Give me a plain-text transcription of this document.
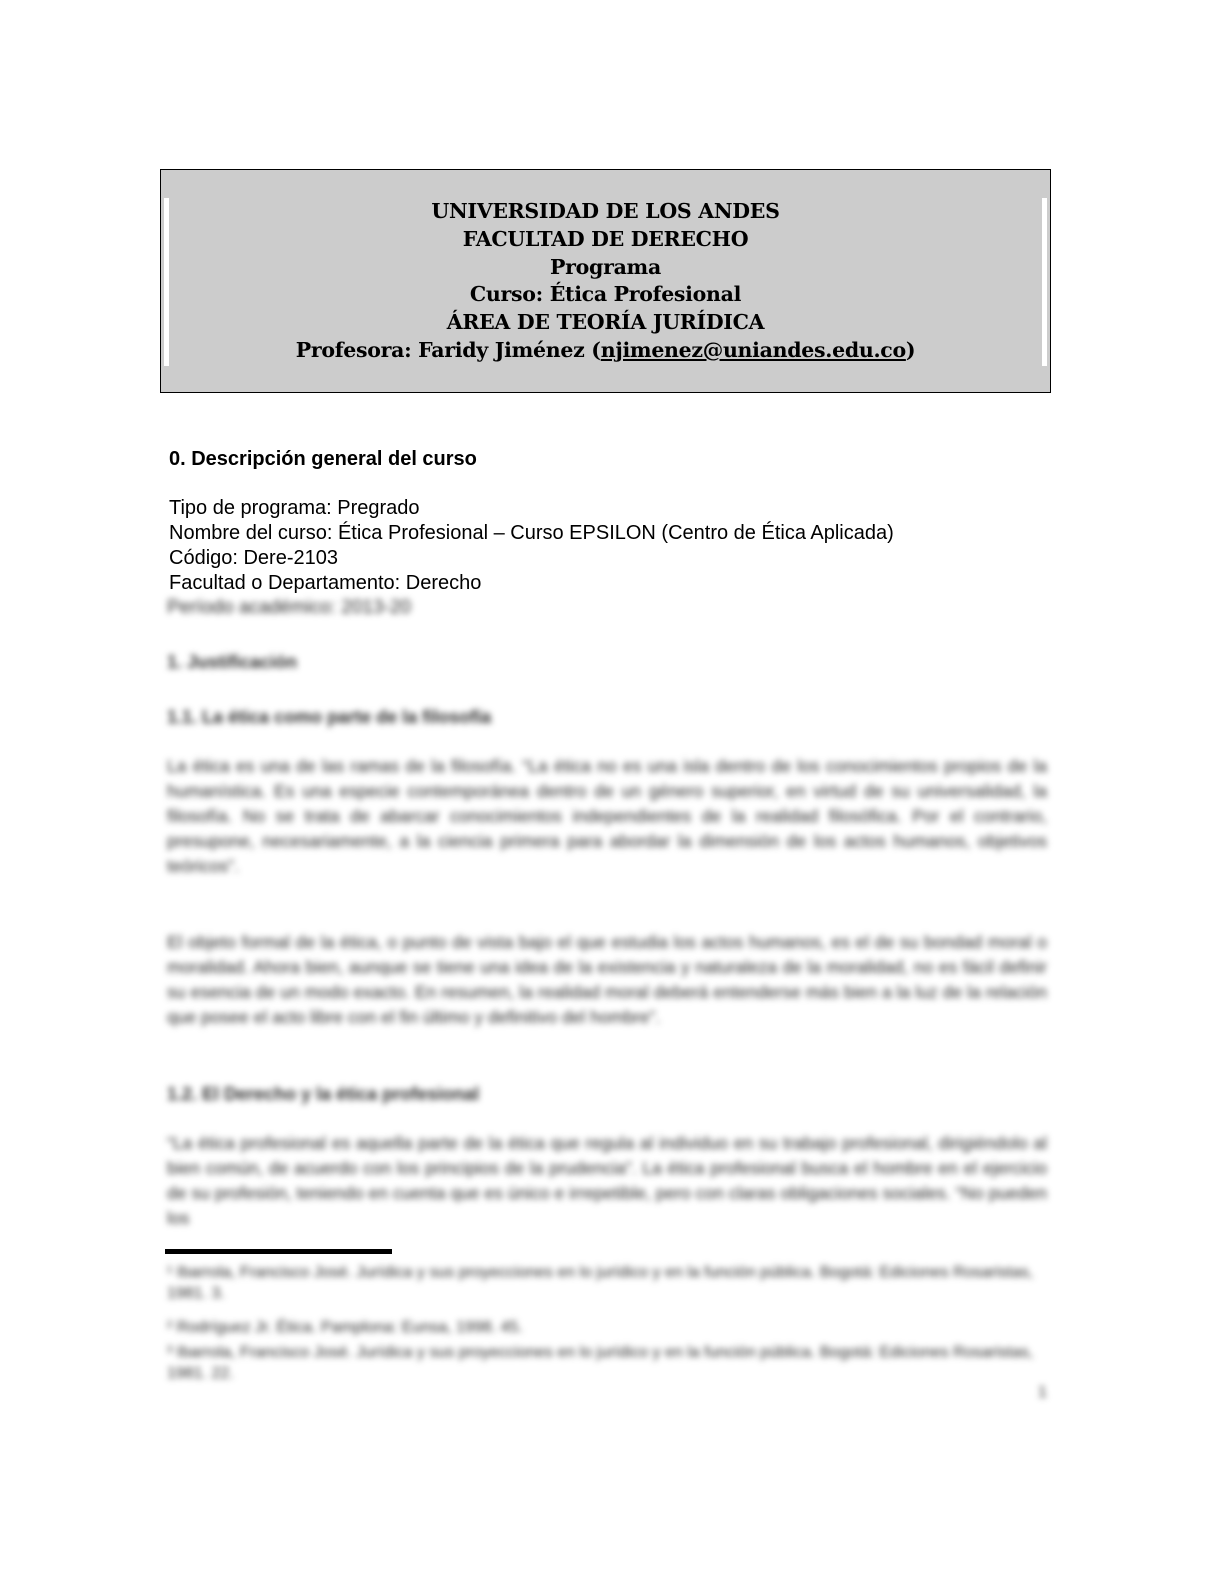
UNIVERSIDAD DE LOS ANDES
FACULTAD DE DERECHO
Programa
Curso: Ética Profesional
ÁREA DE TEORÍA JURÍDICA
Profesora: Faridy Jiménez (njimenez@uniandes.edu.co)
0. Descripción general del curso
Tipo de programa: Pregrado
Nombre del curso: Ética Profesional – Curso EPSILON (Centro de Ética Aplicada)
Código: Dere-2103
Facultad o Departamento: Derecho
Período académico: 2013-20
1. Justificación
1.1. La ética como parte de la filosofía
La ética es una de las ramas de la filosofía. “La ética no es una isla dentro de los conocimientos propios de la humanística. Es una especie contemporánea dentro de un género superior, en virtud de su universalidad, la filosofía. No se trata de abarcar conocimientos independientes de la realidad filosófica. Por el contrario, presupone, necesariamente, a la ciencia primera para abordar la dimensión de los actos humanos, objetivos teóricos”.
El objeto formal de la ética, o punto de vista bajo el que estudia los actos humanos, es el de su bondad moral o moralidad. Ahora bien, aunque se tiene una idea de la existencia y naturaleza de la moralidad, no es fácil definir su esencia de un modo exacto. En resumen, la realidad moral deberá entenderse más bien a la luz de la relación que posee el acto libre con el fin último y definitivo del hombre”.
1.2. El Derecho y la ética profesional
“La ética profesional es aquella parte de la ética que regula al individuo en su trabajo profesional, dirigiéndolo al bien común, de acuerdo con los principios de la prudencia”. La ética profesional busca el hombre en el ejercicio de su profesión, teniendo en cuenta que es único e irrepetible, pero con claras obligaciones sociales. “No pueden los
¹ Ibarrola, Francisco José. Jurídica y sus proyecciones en lo jurídico y en la función pública. Bogotá: Ediciones Rosaristas, 1981. 3.
² Rodríguez Jr. Ética. Pamplona: Eunsa, 1998. 45.
³ Ibarrola, Francisco José. Jurídica y sus proyecciones en lo jurídico y en la función pública. Bogotá: Ediciones Rosaristas, 1981. 22.
1
